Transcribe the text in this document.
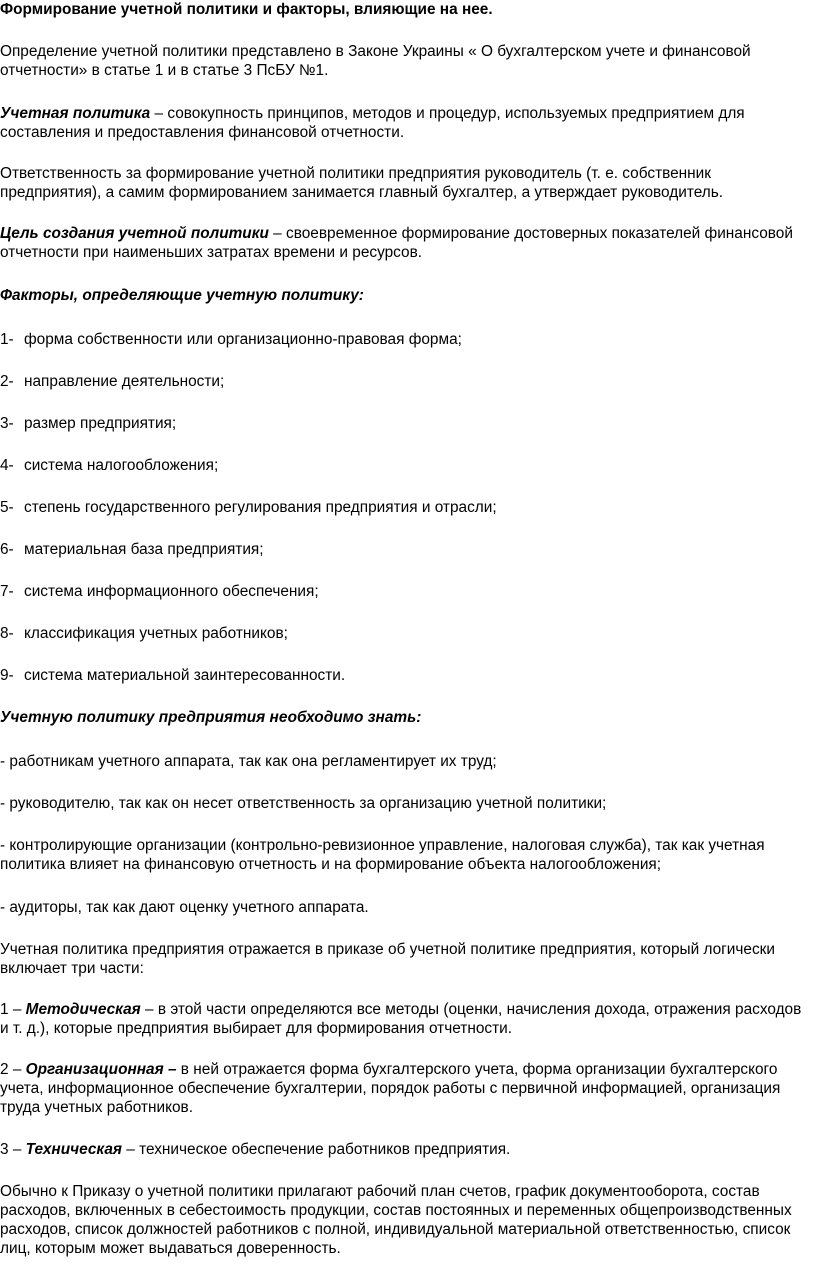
Формирование учетной политики и факторы, влияющие на нее.

Определение учетной политики представлено в Законе Украины « О бухгалтерском учете и финансовой отчетности» в статье 1 и в статье 3 ПсБУ №1.

Учетная политика – совокупность принципов, методов и процедур, используемых предприятием для составления и предоставления финансовой отчетности.

Ответственность за формирование учетной политики предприятия руководитель (т. е. собственник предприятия), а самим формированием занимается главный бухгалтер, а утверждает руководитель.

Цель создания учетной политики – своевременное формирование достоверных показателей финансовой отчетности при наименьших затратах времени и ресурсов.

Факторы, определяющие учетную политику:

1- форма собственности или организационно-правовая форма;

2- направление деятельности;

3- размер предприятия;

4- система налогообложения;

5- степень государственного регулирования предприятия и отрасли;

6- материальная база предприятия;

7- система информационного обеспечения;

8- классификация учетных работников;

9- система материальной заинтересованности.

Учетную политику предприятия необходимо знать:

- работникам учетного аппарата, так как она регламентирует их труд;

- руководителю, так как он несет ответственность за организацию учетной политики;

- контролирующие организации (контрольно-ревизионное управление, налоговая служба), так как учетная политика влияет на финансовую отчетность и на формирование объекта налогообложения;

- аудиторы, так как дают оценку учетного аппарата.

Учетная политика предприятия отражается в приказе об учетной политике предприятия, который логически включает три части:

1 – Методическая – в этой части определяются все методы (оценки, начисления дохода, отражения расходов и т. д.), которые предприятия выбирает для формирования отчетности.

2 – Организационная – в ней отражается форма бухгалтерского учета, форма организации бухгалтерского учета, информационное обеспечение бухгалтерии, порядок работы с первичной информацией, организация труда учетных работников.

3 – Техническая – техническое обеспечение работников предприятия.

Обычно к Приказу о учетной политики прилагают рабочий план счетов, график документооборота, состав расходов, включенных в себестоимость продукции, состав постоянных и переменных общепроизводственных расходов, список должностей работников с полной, индивидуальной материальной ответственностью, список лиц, которым может выдаваться доверенность.
